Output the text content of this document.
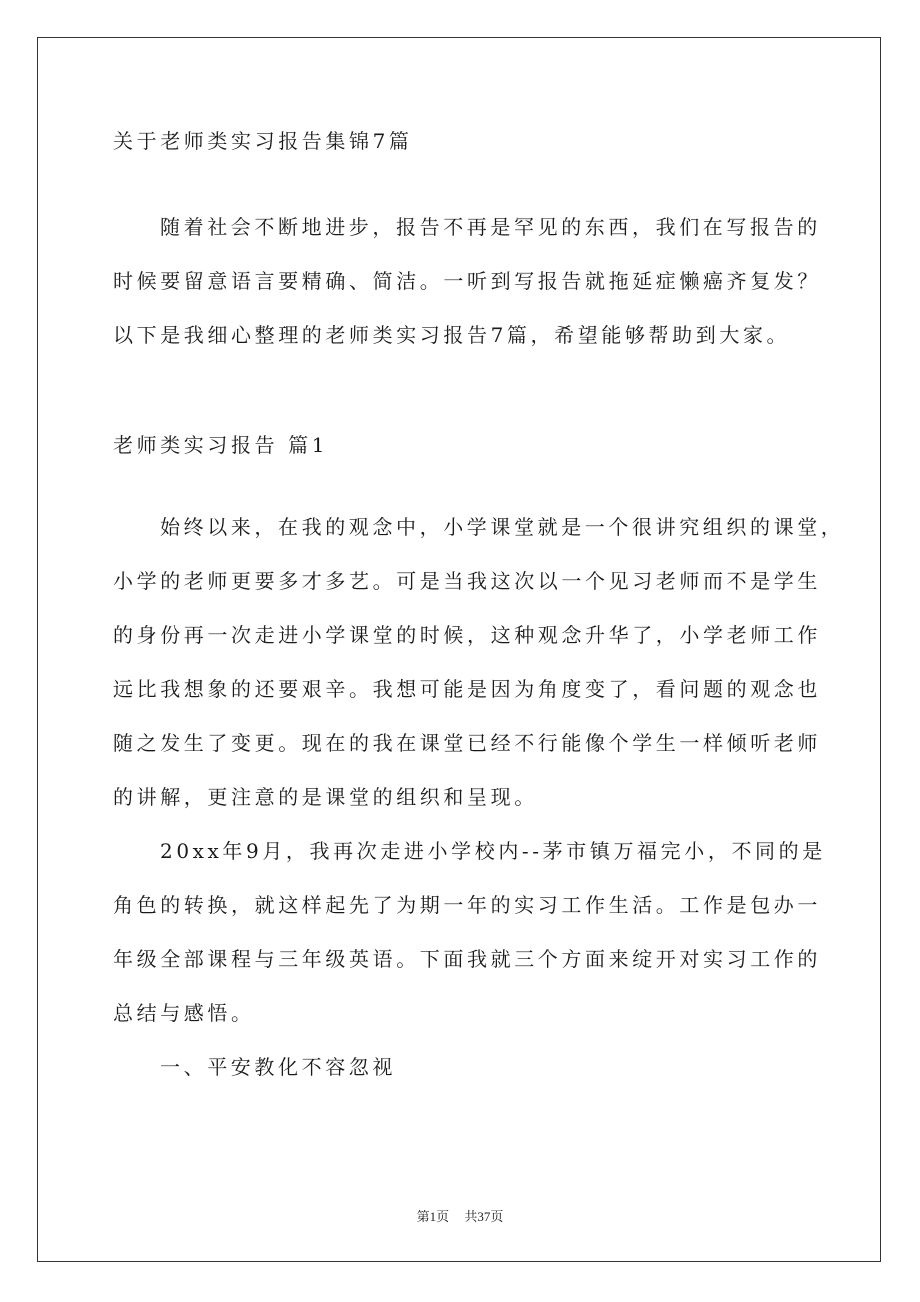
关于老师类实习报告集锦7篇
随着社会不断地进步，报告不再是罕见的东西，我们在写报告的
时候要留意语言要精确、简洁。一听到写报告就拖延症懒癌齐复发？
以下是我细心整理的老师类实习报告7篇，希望能够帮助到大家。
老师类实习报告 篇1
始终以来，在我的观念中，小学课堂就是一个很讲究组织的课堂，
小学的老师更要多才多艺。可是当我这次以一个见习老师而不是学生
的身份再一次走进小学课堂的时候，这种观念升华了，小学老师工作
远比我想象的还要艰辛。我想可能是因为角度变了，看问题的观念也
随之发生了变更。现在的我在课堂已经不行能像个学生一样倾听老师
的讲解，更注意的是课堂的组织和呈现。
20xx年9月，我再次走进小学校内--茅市镇万福完小，不同的是
角色的转换，就这样起先了为期一年的实习工作生活。工作是包办一
年级全部课程与三年级英语。下面我就三个方面来绽开对实习工作的
总结与感悟。
一、平安教化不容忽视
第1页 共37页
